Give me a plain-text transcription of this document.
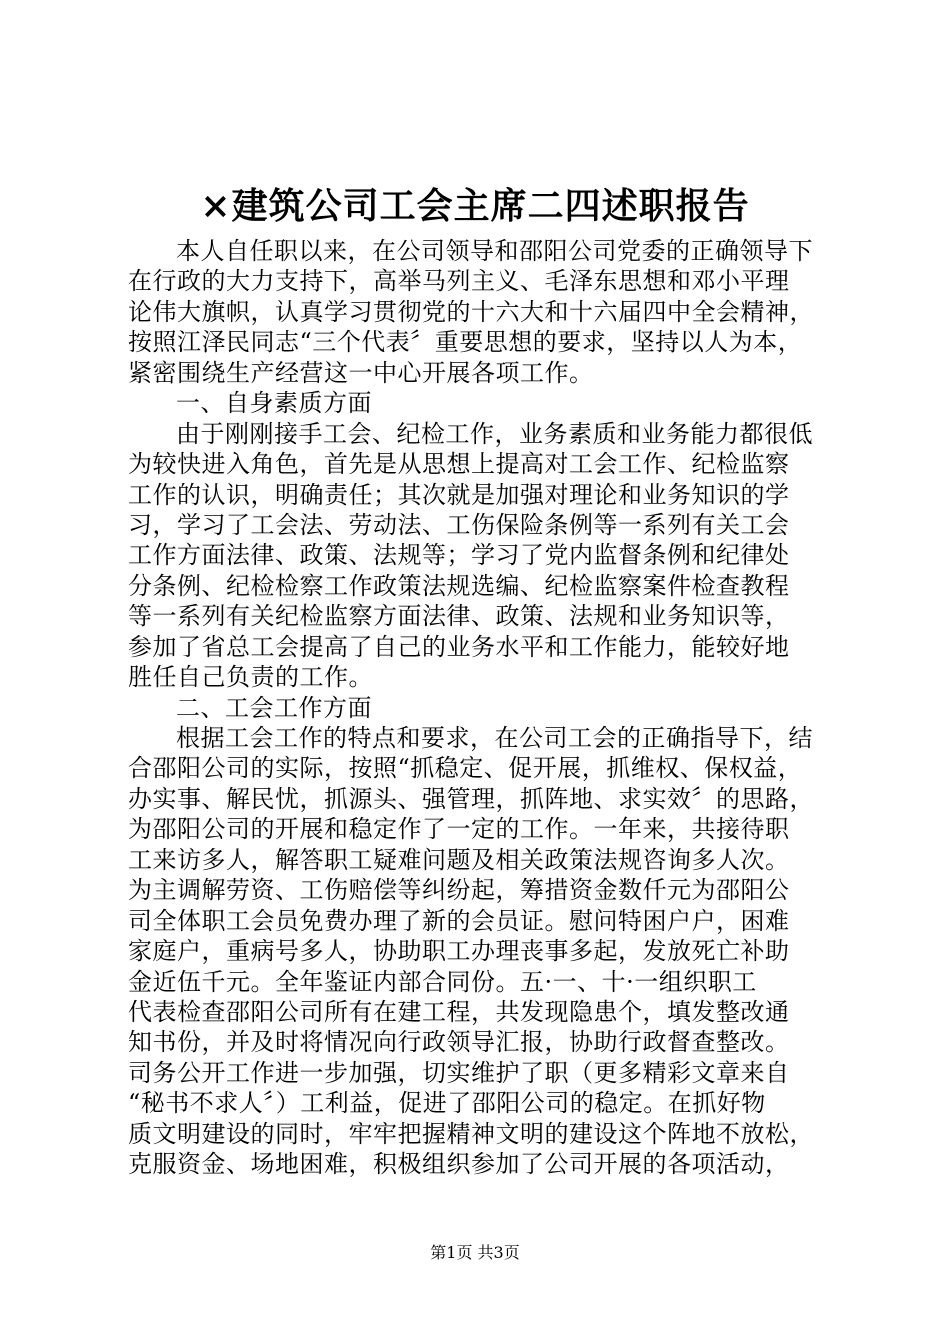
×建筑公司工会主席二四述职报告
本人自任职以来，在公司领导和邵阳公司党委的正确领导下
在行政的大力支持下，高举马列主义、毛泽东思想和邓小平理
论伟大旗帜，认真学习贯彻党的十六大和十六届四中全会精神，
按照江泽民同志“三个代表〞重要思想的要求，坚持以人为本，
紧密围绕生产经营这一中心开展各项工作。
一、自身素质方面
由于刚刚接手工会、纪检工作，业务素质和业务能力都很低
为较快进入角色，首先是从思想上提高对工会工作、纪检监察
工作的认识，明确责任；其次就是加强对理论和业务知识的学
习，学习了工会法、劳动法、工伤保险条例等一系列有关工会
工作方面法律、政策、法规等；学习了党内监督条例和纪律处
分条例、纪检检察工作政策法规选编、纪检监察案件检查教程
等一系列有关纪检监察方面法律、政策、法规和业务知识等，
参加了省总工会提高了自己的业务水平和工作能力，能较好地
胜任自己负责的工作。
二、工会工作方面
根据工会工作的特点和要求，在公司工会的正确指导下，结
合邵阳公司的实际，按照“抓稳定、促开展，抓维权、保权益，
办实事、解民忧，抓源头、强管理，抓阵地、求实效〞的思路，
为邵阳公司的开展和稳定作了一定的工作。一年来，共接待职
工来访多人，解答职工疑难问题及相关政策法规咨询多人次。
为主调解劳资、工伤赔偿等纠纷起，筹措资金数仟元为邵阳公
司全体职工会员免费办理了新的会员证。慰问特困户户，困难
家庭户，重病号多人，协助职工办理丧事多起，发放死亡补助
金近伍千元。全年鉴证内部合同份。五·一、十·一组织职工
代表检查邵阳公司所有在建工程，共发现隐患个，填发整改通
知书份，并及时将情况向行政领导汇报，协助行政督查整改。
司务公开工作进一步加强，切实维护了职（更多精彩文章来自
“秘书不求人〞）工利益，促进了邵阳公司的稳定。在抓好物
质文明建设的同时，牢牢把握精神文明的建设这个阵地不放松，
克服资金、场地困难，积极组织参加了公司开展的各项活动，
第1页 共3页
